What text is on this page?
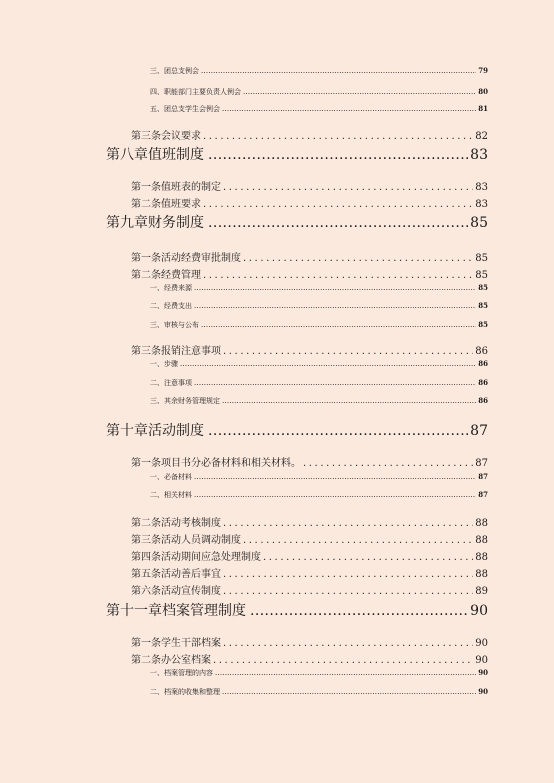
三、 团总支例会 .....	79
四、 职能部门主要负责人例会 .....	80
五、 团总支学生会例会 .....	81
第三条 会议要求 .....	82
第八章 值班制度 .....	83
第一条 值班表的制定 .....	83
第二条 值班要求 .....	83
第九章 财务制度 .....	85
第一条 活动经费审批制度 .....	85
第二条 经费管理 .....	85
一、 经费来源 .....	85
二、 经费支出 .....	85
三、 审核与公布 .....	85
第三条 报销注意事项 .....	86
一、 步骤 .....	86
二、 注意事项 .....	86
三、 其余财务管理规定 .....	86
第十章 活动制度 .....	87
第一条 项目书分必备材料和相关材料。 .....	87
一、 必备材料 .....	87
二、 相关材料 .....	87
第二条 活动考核制度 .....	88
第三条 活动人员调动制度 .....	88
第四条 活动期间应急处理制度 .....	88
第五条 活动善后事宜 .....	88
第六条 活动宣传制度 .....	89
第十一章 档案管理制度 .....	90
第一条 学生干部档案 .....	90
第二条 办公室档案 .....	90
一、 档案管理的内容 .....	90
二、 档案的收集和整理 .....	90
